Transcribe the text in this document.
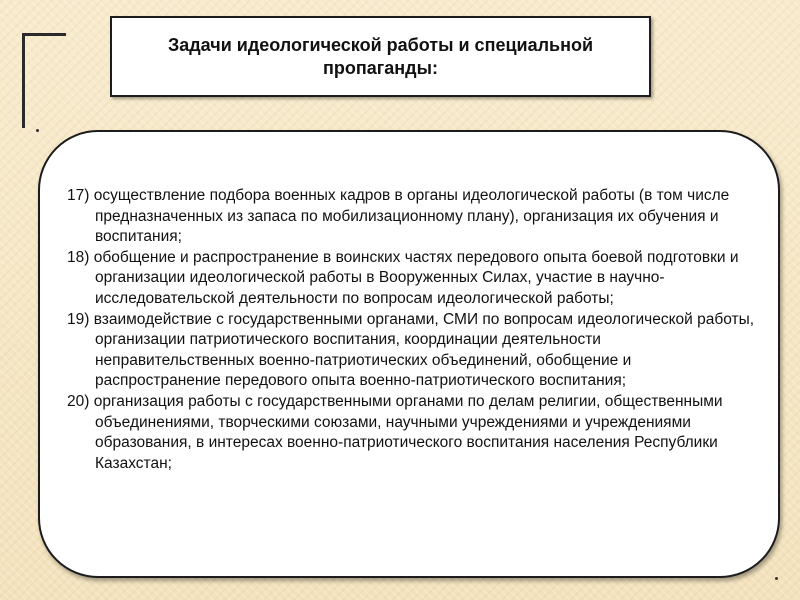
Задачи идеологической работы и специальной пропаганды:
17) осуществление подбора военных кадров в органы идеологической работы (в том числе предназначенных из запаса по мобилизационному плану), организация их обучения и воспитания;
18) обобщение и распространение в воинских частях передового опыта боевой подготовки и организации идеологической работы в Вооруженных Силах, участие в научно-исследовательской деятельности по вопросам идеологической работы;
19) взаимодействие с государственными органами, СМИ по вопросам идеологической работы, организации патриотического воспитания, координации деятельности неправительственных военно-патриотических объединений, обобщение и распространение передового опыта военно-патриотического воспитания;
20) организация работы с государственными органами по делам религии, общественными объединениями, творческими союзами, научными учреждениями и учреждениями образования, в интересах военно-патриотического воспитания населения Республики Казахстан;
